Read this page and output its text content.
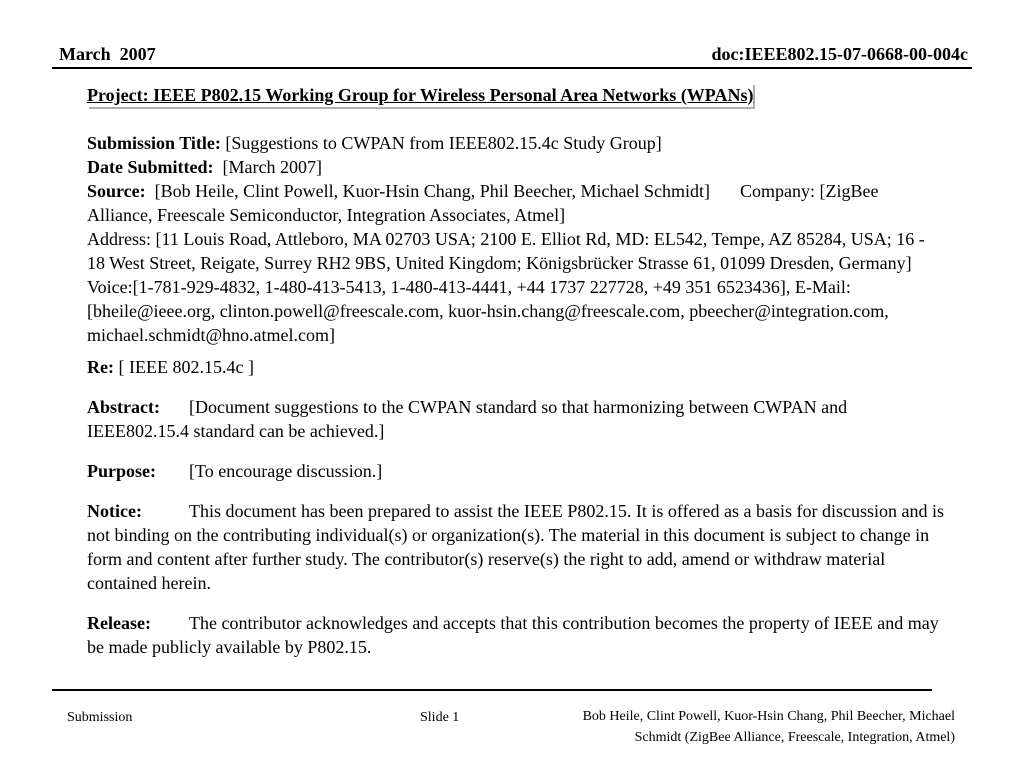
March  2007	doc:IEEE802.15-07-0668-00-004c
Project: IEEE P802.15 Working Group for Wireless Personal Area Networks (WPANs)

Submission Title: [Suggestions to CWPAN from IEEE802.15.4c Study Group]

Date Submitted: [March 2007]

Source: [Bob Heile, Clint Powell, Kuor-Hsin Chang, Phil Beecher, Michael Schmidt] Company: [ZigBee Alliance, Freescale Semiconductor, Integration Associates, Atmel]

Address: [11 Louis Road, Attleboro, MA 02703 USA; 2100 E. Elliot Rd, MD: EL542, Tempe, AZ 85284, USA; 16 - 18 West Street, Reigate, Surrey RH2 9BS, United Kingdom; Königsbrücker Strasse 61, 01099 Dresden, Germany]

Voice:[1-781-929-4832, 1-480-413-5413, 1-480-413-4441, +44 1737 227728, +49 351 6523436], E-Mail:[bheile@ieee.org, clinton.powell@freescale.com, kuor-hsin.chang@freescale.com, pbeecher@integration.com, michael.schmidt@hno.atmel.com]

Re: [ IEEE 802.15.4c ]

Abstract: [Document suggestions to the CWPAN standard so that harmonizing between CWPAN and IEEE802.15.4 standard can be achieved.]

Purpose: [To encourage discussion.]

Notice:	This document has been prepared to assist the IEEE P802.15. It is offered as a basis for discussion and is not binding on the contributing individual(s) or organization(s). The material in this document is subject to change in form and content after further study. The contributor(s) reserve(s) the right to add, amend or withdraw material contained herein.

Release: The contributor acknowledges and accepts that this contribution becomes the property of IEEE and may be made publicly available by P802.15.

Submission	Slide 1	Bob Heile, Clint Powell, Kuor-Hsin Chang, Phil Beecher, Michael
Schmidt (ZigBee Alliance, Freescale, Integration, Atmel)
